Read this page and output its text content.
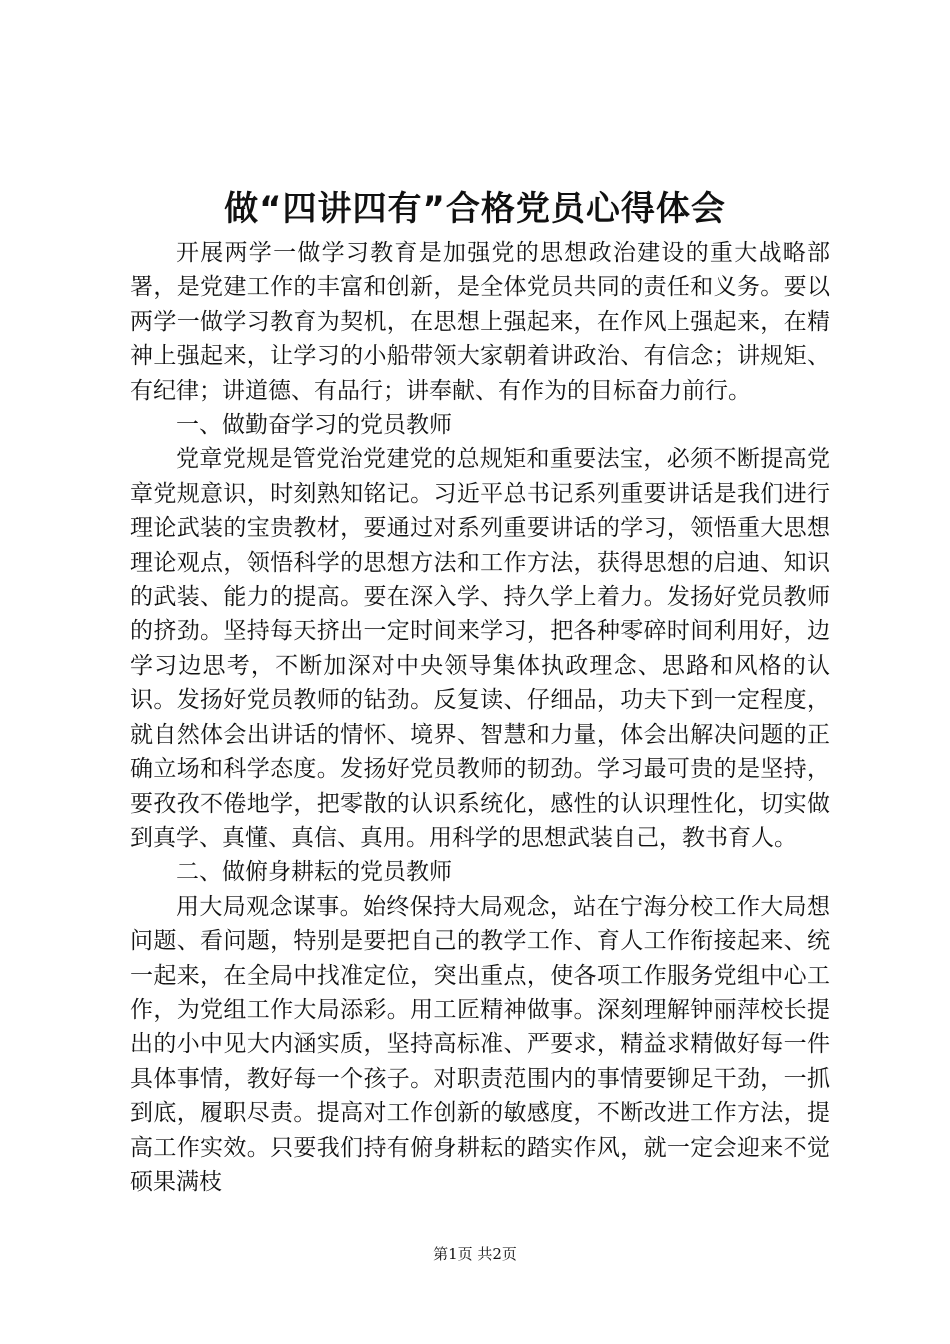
做“四讲四有”合格党员心得体会

开展两学一做学习教育是加强党的思想政治建设的重大战略部署，是党建工作的丰富和创新，是全体党员共同的责任和义务。要以两学一做学习教育为契机，在思想上强起来，在作风上强起来，在精神上强起来，让学习的小船带领大家朝着讲政治、有信念；讲规矩、有纪律；讲道德、有品行；讲奉献、有作为的目标奋力前行。

一、做勤奋学习的党员教师

党章党规是管党治党建党的总规矩和重要法宝，必须不断提高党章党规意识，时刻熟知铭记。习近平总书记系列重要讲话是我们进行理论武装的宝贵教材，要通过对系列重要讲话的学习，领悟重大思想理论观点，领悟科学的思想方法和工作方法，获得思想的启迪、知识的武装、能力的提高。要在深入学、持久学上着力。发扬好党员教师的挤劲。坚持每天挤出一定时间来学习，把各种零碎时间利用好，边学习边思考，不断加深对中央领导集体执政理念、思路和风格的认识。发扬好党员教师的钻劲。反复读、仔细品，功夫下到一定程度，就自然体会出讲话的情怀、境界、智慧和力量，体会出解决问题的正确立场和科学态度。发扬好党员教师的韧劲。学习最可贵的是坚持，要孜孜不倦地学，把零散的认识系统化，感性的认识理性化，切实做到真学、真懂、真信、真用。用科学的思想武装自己，教书育人。

二、做俯身耕耘的党员教师

用大局观念谋事。始终保持大局观念，站在宁海分校工作大局想问题、看问题，特别是要把自己的教学工作、育人工作衔接起来、统一起来，在全局中找准定位，突出重点，使各项工作服务党组中心工作，为党组工作大局添彩。用工匠精神做事。深刻理解钟丽萍校长提出的小中见大内涵实质，坚持高标准、严要求，精益求精做好每一件具体事情，教好每一个孩子。对职责范围内的事情要铆足干劲，一抓到底，履职尽责。提高对工作创新的敏感度，不断改进工作方法，提高工作实效。只要我们持有俯身耕耘的踏实作风，就一定会迎来不觉硕果满枝

第1页 共2页
